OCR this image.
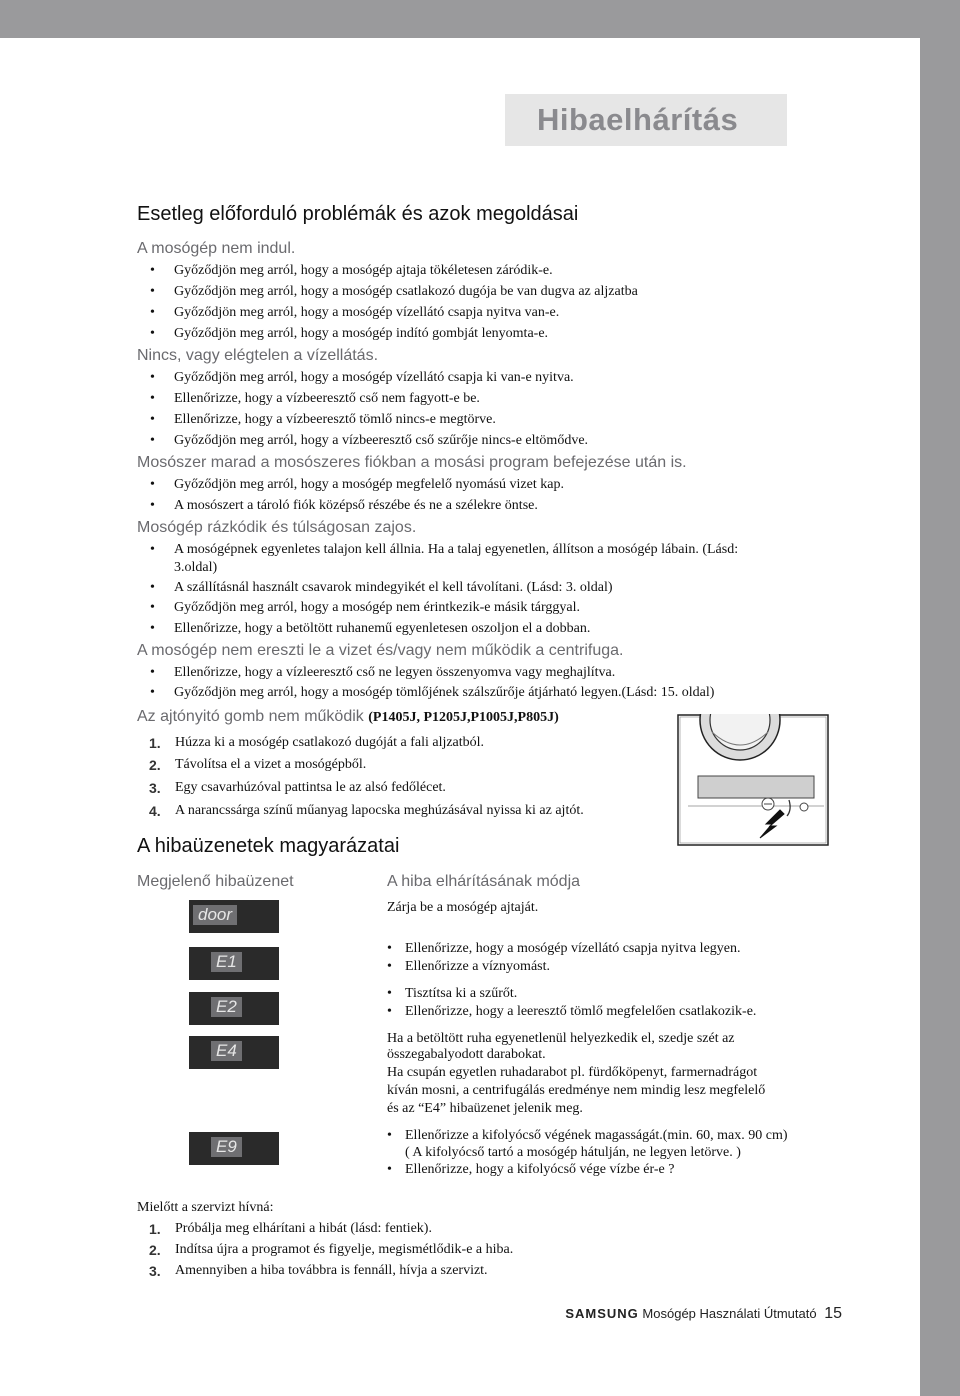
Hibaelhárítás
Esetleg előforduló problémák és azok megoldásai
A mosógép nem indul.
• Győződjön meg arról, hogy a mosógép ajtaja tökéletesen záródik-e.
• Győződjön meg arról, hogy a mosógép csatlakozó dugója be van dugva az aljzatba
• Győződjön meg arról, hogy a mosógép vízellátó csapja nyitva van-e.
• Győződjön meg arról, hogy a mosógép indító gombját lenyomta-e.
Nincs, vagy elégtelen a vízellátás.
• Győződjön meg arról, hogy a mosógép vízellátó csapja ki van-e nyitva.
• Ellenőrizze, hogy a vízbeeresztő cső nem fagyott-e be.
• Ellenőrizze, hogy a vízbeeresztő tömlő nincs-e megtörve.
• Győződjön meg arról, hogy a vízbeeresztő cső szűrője nincs-e eltömődve.
Mosószer marad a mosószeres fiókban a mosási program befejezése után is.
• Győződjön meg arról, hogy a mosógép megfelelő nyomású vizet kap.
• A mosószert a tároló fiók középső részébe és ne a szélekre öntse.
Mosógép rázkódik és túlságosan zajos.
• A mosógépnek egyenletes talajon kell állnia. Ha a talaj egyenetlen, állítson a mosógép lábain. (Lásd:
3.oldal)
• A szállításnál használt csavarok mindegyikét el kell távolítani. (Lásd: 3. oldal)
• Győződjön meg arról, hogy a mosógép nem érintkezik-e másik tárggyal.
• Ellenőrizze, hogy a betöltött ruhanemű egyenletesen oszoljon el a dobban.
A mosógép nem ereszti le a vizet és/vagy nem működik a centrifuga.
• Ellenőrizze, hogy a vízleeresztő cső ne legyen összenyomva vagy meghajlítva.
• Győződjön meg arról, hogy a mosógép tömlőjének szálszűrője átjárható legyen.(Lásd: 15. oldal)
Az ajtónyitó gomb nem működik (P1405J, P1205J,P1005J,P805J)
1. Húzza ki a mosógép csatlakozó dugóját a fali aljzatból.
2. Távolítsa el a vizet a mosógépből.
3. Egy csavarhúzóval pattintsa le az alsó fedőlécet.
4. A narancssárga színű műanyag lapocska meghúzásával nyissa ki az ajtót.
A hibaüzenetek magyarázatai
Megjelenő hibaüzenet	A hiba elhárításának módja
door
E1
E2
E4
E9
Zárja be a mosógép ajtaját.
• Ellenőrizze, hogy a mosógép vízellátó csapja nyitva legyen.
• Ellenőrizze a víznyomást.
• Tisztítsa ki a szűrőt.
• Ellenőrizze, hogy a leeresztő tömlő megfelelően csatlakozik-e.
Ha a betöltött ruha egyenetlenül helyezkedik el, szedje szét az
összegabalyodott darabokat.
Ha csupán egyetlen ruhadarabot pl. fürdőköpenyt, farmernadrágot
kíván mosni, a centrifugálás eredménye nem mindig lesz megfelelő
és az “E4” hibaüzenet jelenik meg.
• Ellenőrizze a kifolyócső végének magasságát.(min. 60, max. 90 cm)
( A kifolyócső tartó a mosógép hátulján, ne legyen letörve. )
• Ellenőrizze, hogy a kifolyócső vége vízbe ér-e ?
Mielőtt a szervizt hívná:
1. Próbálja meg elhárítani a hibát (lásd: fentiek).
2. Indítsa újra a programot és figyelje, megismétlődik-e a hiba.
3. Amennyiben a hiba továbbra is fennáll, hívja a szervizt.
SAMSUNG Mosógép Használati Útmutató 15
